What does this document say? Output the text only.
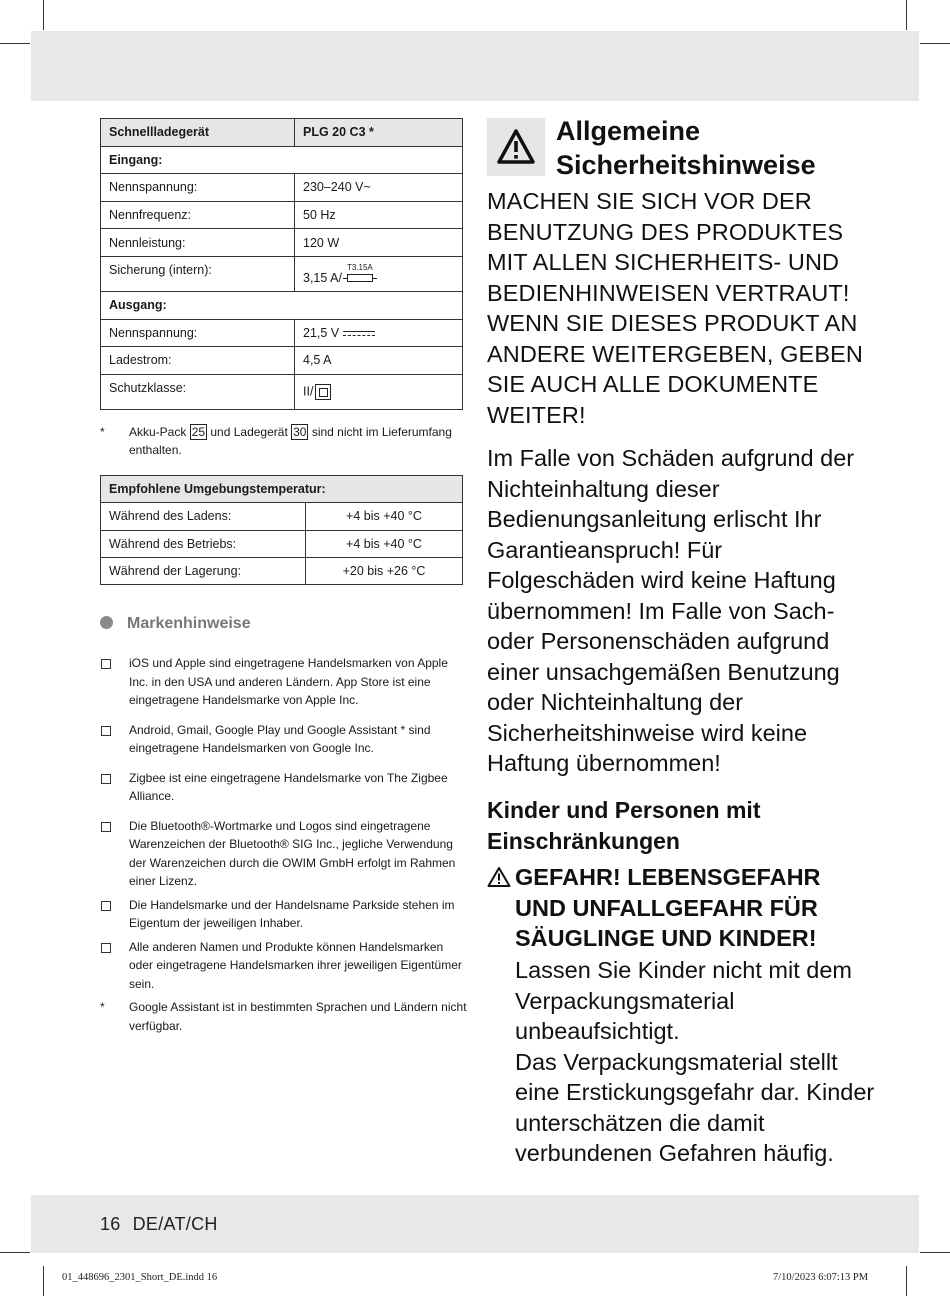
Schnellladegerät	PLG 20 C3 *
Eingang:	
Nennspannung:	230–240 V~
Nennfrequenz:	50 Hz
Nennleistung:	120 W
Sicherung (intern):	3,15 A/
T3.15A

Ausgang:	
Nennspannung:	21,5 V
Ladestrom:	4,5 A
Schutzklasse:	II/
* Akku-Pack 25 und Ladegerät 30 sind nicht im Lieferumfang enthalten.
Empfohlene Umgebungstemperatur:	
Während des Ladens:	+4 bis +40 °C
Während des Betriebs:	+4 bis +40 °C
Während der Lagerung:	+20 bis +26 °C
Markenhinweise
iOS und Apple sind eingetragene Handelsmarken von Apple Inc. in den USA und anderen Ländern. App Store ist eine eingetragene Handelsmarke von Apple Inc.
Android, Gmail, Google Play und Google Assistant * sind eingetragene Handelsmarken von Google Inc.
Zigbee ist eine eingetragene Handelsmarke von The Zigbee Alliance.
Die Bluetooth®-Wortmarke und Logos sind eingetragene Warenzeichen der Bluetooth® SIG Inc., jegliche Verwendung der Warenzeichen durch die OWIM GmbH erfolgt im Rahmen einer Lizenz.
Die Handelsmarke und der Handelsname Parkside stehen im Eigentum der jeweiligen Inhaber.
Alle anderen Namen und Produkte können Handelsmarken oder eingetragene Handelsmarken ihrer jeweiligen Eigentümer sein.
*	Google Assistant ist in bestimmten Sprachen und Ländern nicht verfügbar.
Allgemeine
Sicherheitshinweise
MACHEN SIE SICH VOR DER BENUTZUNG DES PRODUKTES MIT ALLEN SICHERHEITS- UND BEDIENHINWEISEN VERTRAUT! WENN SIE DIESES PRODUKT AN ANDERE WEITERGEBEN, GEBEN SIE AUCH ALLE DOKUMENTE WEITER!
Im Falle von Schäden aufgrund der Nichteinhaltung dieser Bedienungsanleitung erlischt Ihr Garantieanspruch! Für Folgeschäden wird keine Haftung übernommen! Im Falle von Sach- oder Personenschäden aufgrund einer unsachgemäßen Benutzung oder Nichteinhaltung der Sicherheitshinweise wird keine Haftung übernommen!
Kinder und Personen mit Einschränkungen
GEFAHR! LEBENSGEFAHR UND UNFALLGEFAHR FÜR SÄUGLINGE UND KINDER!
Lassen Sie Kinder nicht mit dem Verpackungsmaterial unbeaufsichtigt.
Das Verpackungsmaterial stellt eine Erstickungsgefahr dar. Kinder unterschätzen die damit verbundenen Gefahren häufig.
16 DE/AT/CH
01_448696_2301_Short_DE.indd 16	7/10/2023 6:07:13 PM
